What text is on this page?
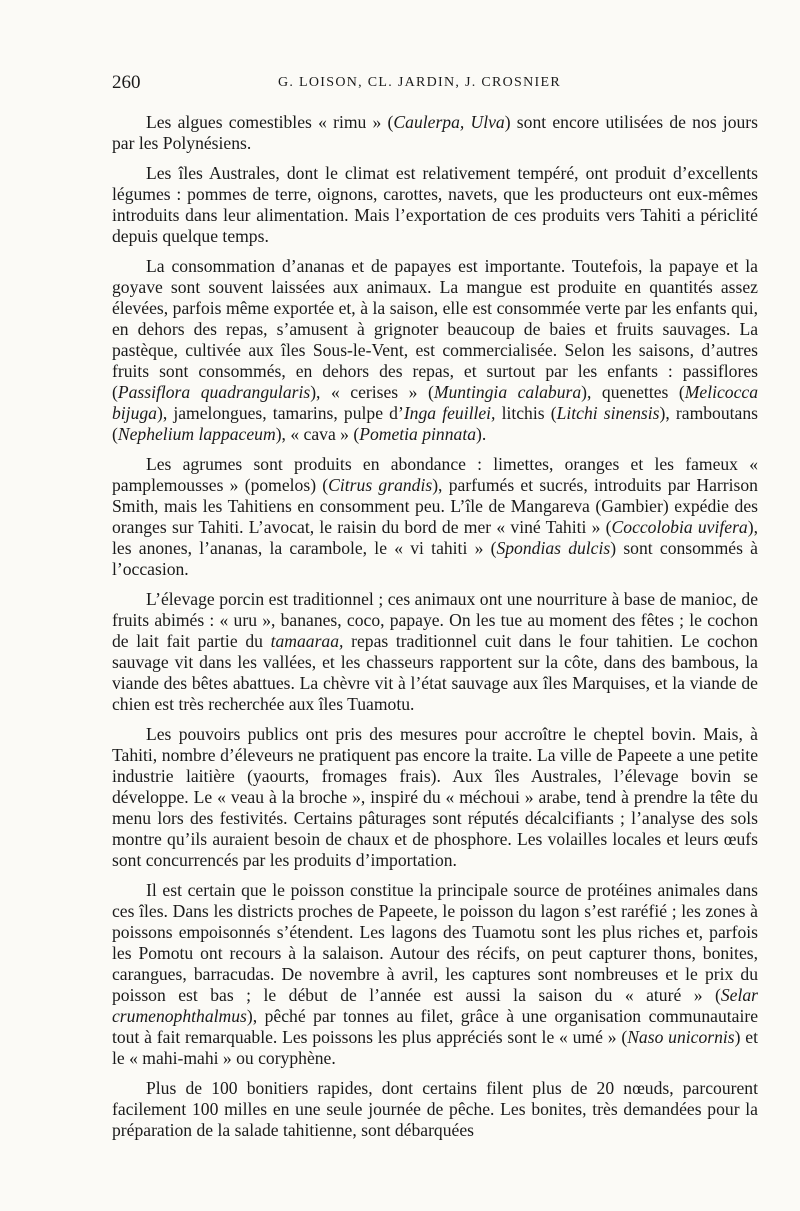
260	G. LOISON, CL. JARDIN, J. CROSNIER

Les algues comestibles « rimu » (Caulerpa, Ulva) sont encore utilisées de nos jours par les Polynésiens.

Les îles Australes, dont le climat est relativement tempéré, ont produit d’excellents légumes : pommes de terre, oignons, carottes, navets, que les producteurs ont eux-mêmes introduits dans leur alimentation. Mais l’exportation de ces produits vers Tahiti a périclité depuis quelque temps.

La consommation d’ananas et de papayes est importante. Toutefois, la papaye et la goyave sont souvent laissées aux animaux. La mangue est produite en quantités assez élevées, parfois même exportée et, à la saison, elle est consommée verte par les enfants qui, en dehors des repas, s’amusent à grignoter beaucoup de baies et fruits sauvages. La pastèque, cultivée aux îles Sous-le-Vent, est commercialisée. Selon les saisons, d’autres fruits sont consommés, en dehors des repas, et surtout par les enfants : passiflores (Passiflora quadrangularis), « cerises » (Muntingia calabura), quenettes (Melicocca bijuga), jamelongues, tamarins, pulpe d’Inga feuillei, litchis (Litchi sinensis), ramboutans (Nephelium lappaceum), « cava » (Pometia pinnata).

Les agrumes sont produits en abondance : limettes, oranges et les fameux « pamplemousses » (pomelos) (Citrus grandis), parfumés et sucrés, introduits par Harrison Smith, mais les Tahitiens en consomment peu. L’île de Mangareva (Gambier) expédie des oranges sur Tahiti. L’avocat, le raisin du bord de mer « viné Tahiti » (Coccolobia uvifera), les anones, l’ananas, la carambole, le « vi tahiti » (Spondias dulcis) sont consommés à l’occasion.

L’élevage porcin est traditionnel ; ces animaux ont une nourriture à base de manioc, de fruits abimés : « uru », bananes, coco, papaye. On les tue au moment des fêtes ; le cochon de lait fait partie du tamaaraa, repas traditionnel cuit dans le four tahitien. Le cochon sauvage vit dans les vallées, et les chasseurs rapportent sur la côte, dans des bambous, la viande des bêtes abattues. La chèvre vit à l’état sauvage aux îles Marquises, et la viande de chien est très recherchée aux îles Tuamotu.

Les pouvoirs publics ont pris des mesures pour accroître le cheptel bovin. Mais, à Tahiti, nombre d’éleveurs ne pratiquent pas encore la traite. La ville de Papeete a une petite industrie laitière (yaourts, fromages frais). Aux îles Australes, l’élevage bovin se développe. Le « veau à la broche », inspiré du « méchoui » arabe, tend à prendre la tête du menu lors des festivités. Certains pâturages sont réputés décalcifiants ; l’analyse des sols montre qu’ils auraient besoin de chaux et de phosphore. Les volailles locales et leurs œufs sont concurrencés par les produits d’importation.

Il est certain que le poisson constitue la principale source de protéines animales dans ces îles. Dans les districts proches de Papeete, le poisson du lagon s’est raréfié ; les zones à poissons empoisonnés s’étendent. Les lagons des Tuamotu sont les plus riches et, parfois les Pomotu ont recours à la salaison. Autour des récifs, on peut capturer thons, bonites, carangues, barracudas. De novembre à avril, les captures sont nombreuses et le prix du poisson est bas ; le début de l’année est aussi la saison du « aturé » (Selar crumenophthalmus), pêché par tonnes au filet, grâce à une organisation communautaire tout à fait remarquable. Les poissons les plus appréciés sont le « umé » (Naso unicornis) et le « mahi-mahi » ou coryphène.

Plus de 100 bonitiers rapides, dont certains filent plus de 20 nœuds, parcourent facilement 100 milles en une seule journée de pêche. Les bonites, très demandées pour la préparation de la salade tahitienne, sont débarquées
